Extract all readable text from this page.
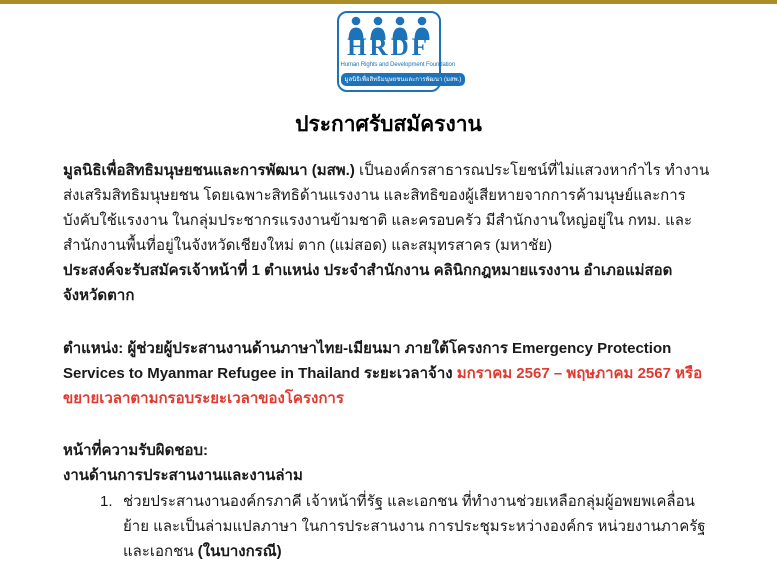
HRDF
Human Rights and Development Foundation
มูลนิธิเพื่อสิทธิมนุษยชนและการพัฒนา (มสพ.)
ประกาศรับสมัครงาน
มูลนิธิเพื่อสิทธิมนุษยชนและการพัฒนา (มสพ.) เป็นองค์กรสาธารณประโยชน์ที่ไม่แสวงหากำไร ทำงานส่งเสริมสิทธิมนุษยชน โดยเฉพาะสิทธิด้านแรงงาน และสิทธิของผู้เสียหายจากการค้ามนุษย์และการบังคับใช้แรงงาน ในกลุ่มประชากรแรงงานข้ามชาติ และครอบครัว มีสำนักงานใหญ่อยู่ใน กทม. และสำนักงานพื้นที่อยู่ในจังหวัดเชียงใหม่ ตาก (แม่สอด) และสมุทรสาคร (มหาชัย)
ประสงค์จะรับสมัครเจ้าหน้าที่ 1 ตำแหน่ง ประจำสำนักงาน คลินิกกฎหมายแรงงาน อำเภอแม่สอด จังหวัดตาก
ตำแหน่ง: ผู้ช่วยผู้ประสานงานด้านภาษาไทย-เมียนมา ภายใต้โครงการ Emergency Protection Services to Myanmar Refugee in Thailand ระยะเวลาจ้าง มกราคม 2567 – พฤษภาคม 2567 หรือขยายเวลาตามกรอบระยะเวลาของโครงการ
หน้าที่ความรับผิดชอบ:
งานด้านการประสานงานและงานล่าม
1. ช่วยประสานงานองค์กรภาคี เจ้าหน้าที่รัฐ และเอกชน ที่ทำงานช่วยเหลือกลุ่มผู้อพยพเคลื่อนย้าย และเป็นล่ามแปลภาษา ในการประสานงาน การประชุมระหว่างองค์กร หน่วยงานภาครัฐและเอกชน (ในบางกรณี)
